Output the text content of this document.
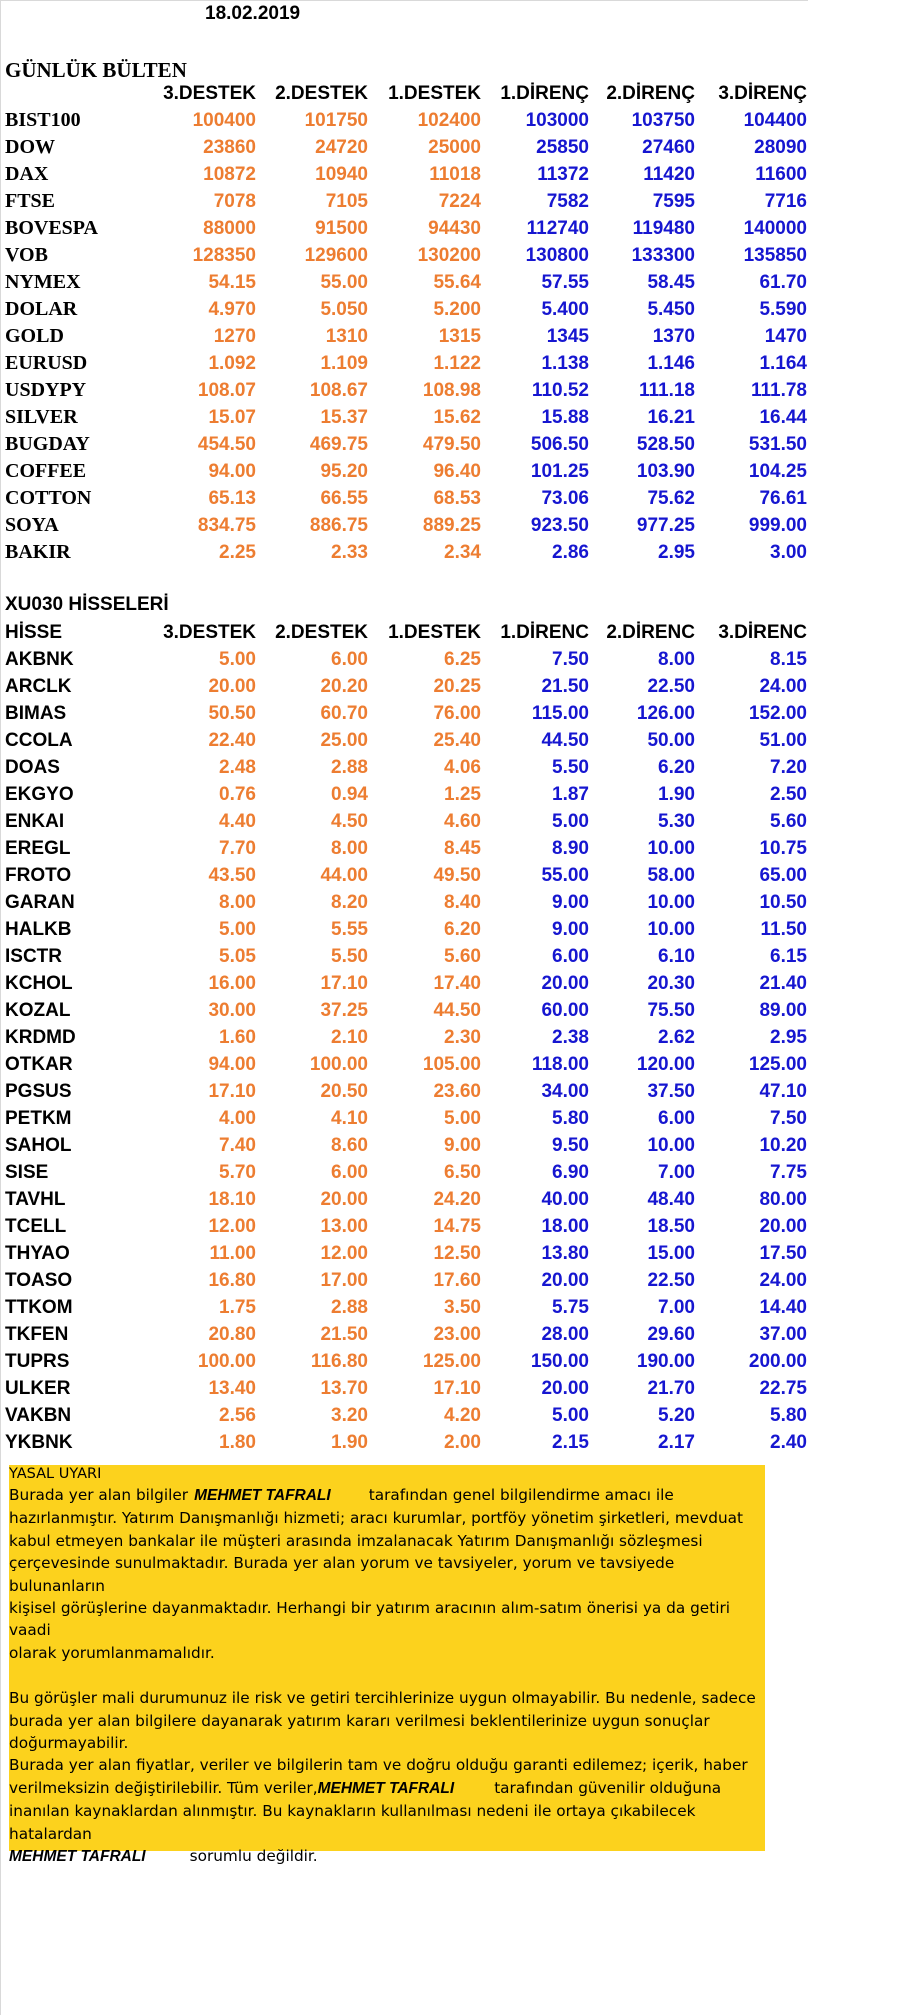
18.02.2019
GÜNLÜK BÜLTEN
	3.DESTEK	2.DESTEK	1.DESTEK	1.DİRENÇ	2.DİRENÇ	3.DİRENÇ
BIST100	100400	101750	102400	103000	103750	104400
DOW	23860	24720	25000	25850	27460	28090
DAX	10872	10940	11018	11372	11420	11600
FTSE	7078	7105	7224	7582	7595	7716
BOVESPA	88000	91500	94430	112740	119480	140000
VOB	128350	129600	130200	130800	133300	135850
NYMEX	54.15	55.00	55.64	57.55	58.45	61.70
DOLAR	4.970	5.050	5.200	5.400	5.450	5.590
GOLD	1270	1310	1315	1345	1370	1470
EURUSD	1.092	1.109	1.122	1.138	1.146	1.164
USDYPY	108.07	108.67	108.98	110.52	111.18	111.78
SILVER	15.07	15.37	15.62	15.88	16.21	16.44
BUGDAY	454.50	469.75	479.50	506.50	528.50	531.50
COFFEE	94.00	95.20	96.40	101.25	103.90	104.25
COTTON	65.13	66.55	68.53	73.06	75.62	76.61
SOYA	834.75	886.75	889.25	923.50	977.25	999.00
BAKIR	2.25	2.33	2.34	2.86	2.95	3.00
XU030 HİSSELERİ
HİSSE	3.DESTEK	2.DESTEK	1.DESTEK	1.DİRENC	2.DİRENC	3.DİRENC
AKBNK	5.00	6.00	6.25	7.50	8.00	8.15
ARCLK	20.00	20.20	20.25	21.50	22.50	24.00
BIMAS	50.50	60.70	76.00	115.00	126.00	152.00
CCOLA	22.40	25.00	25.40	44.50	50.00	51.00
DOAS	2.48	2.88	4.06	5.50	6.20	7.20
EKGYO	0.76	0.94	1.25	1.87	1.90	2.50
ENKAI	4.40	4.50	4.60	5.00	5.30	5.60
EREGL	7.70	8.00	8.45	8.90	10.00	10.75
FROTO	43.50	44.00	49.50	55.00	58.00	65.00
GARAN	8.00	8.20	8.40	9.00	10.00	10.50
HALKB	5.00	5.55	6.20	9.00	10.00	11.50
ISCTR	5.05	5.50	5.60	6.00	6.10	6.15
KCHOL	16.00	17.10	17.40	20.00	20.30	21.40
KOZAL	30.00	37.25	44.50	60.00	75.50	89.00
KRDMD	1.60	2.10	2.30	2.38	2.62	2.95
OTKAR	94.00	100.00	105.00	118.00	120.00	125.00
PGSUS	17.10	20.50	23.60	34.00	37.50	47.10
PETKM	4.00	4.10	5.00	5.80	6.00	7.50
SAHOL	7.40	8.60	9.00	9.50	10.00	10.20
SISE	5.70	6.00	6.50	6.90	7.00	7.75
TAVHL	18.10	20.00	24.20	40.00	48.40	80.00
TCELL	12.00	13.00	14.75	18.00	18.50	20.00
THYAO	11.00	12.00	12.50	13.80	15.00	17.50
TOASO	16.80	17.00	17.60	20.00	22.50	24.00
TTKOM	1.75	2.88	3.50	5.75	7.00	14.40
TKFEN	20.80	21.50	23.00	28.00	29.60	37.00
TUPRS	100.00	116.80	125.00	150.00	190.00	200.00
ULKER	13.40	13.70	17.10	20.00	21.70	22.75
VAKBN	2.56	3.20	4.20	5.00	5.20	5.80
YKBNK	1.80	1.90	2.00	2.15	2.17	2.40

YASAL UYARI

Burada yer alan bilgiler MEHMET TAFRALI tarafından genel bilgilendirme amacı ile

hazırlanmıştır. Yatırım Danışmanlığı hizmeti; aracı kurumlar, portföy yönetim şirketleri, mevduat

kabul etmeyen bankalar ile müşteri arasında imzalanacak Yatırım Danışmanlığı sözleşmesi

çerçevesinde sunulmaktadır. Burada yer alan yorum ve tavsiyeler, yorum ve tavsiyede bulunanların

kişisel görüşlerine dayanmaktadır. Herhangi bir yatırım aracının alım-satım önerisi ya da getiri vaadi

olarak yorumlanmamalıdır.

Bu görüşler mali durumunuz ile risk ve getiri tercihlerinize uygun olmayabilir. Bu nedenle, sadece

burada yer alan bilgilere dayanarak yatırım kararı verilmesi beklentilerinize uygun sonuçlar

doğurmayabilir.

Burada yer alan fiyatlar, veriler ve bilgilerin tam ve doğru olduğu garanti edilemez; içerik, haber

verilmeksizin değiştirilebilir. Tüm veriler,MEHMET TAFRALI	tarafından güvenilir olduğuna

inanılan kaynaklardan alınmıştır. Bu kaynakların kullanılması nedeni ile ortaya çıkabilecek hatalardan

MEHMET TAFRALI	sorumlu değildir.
